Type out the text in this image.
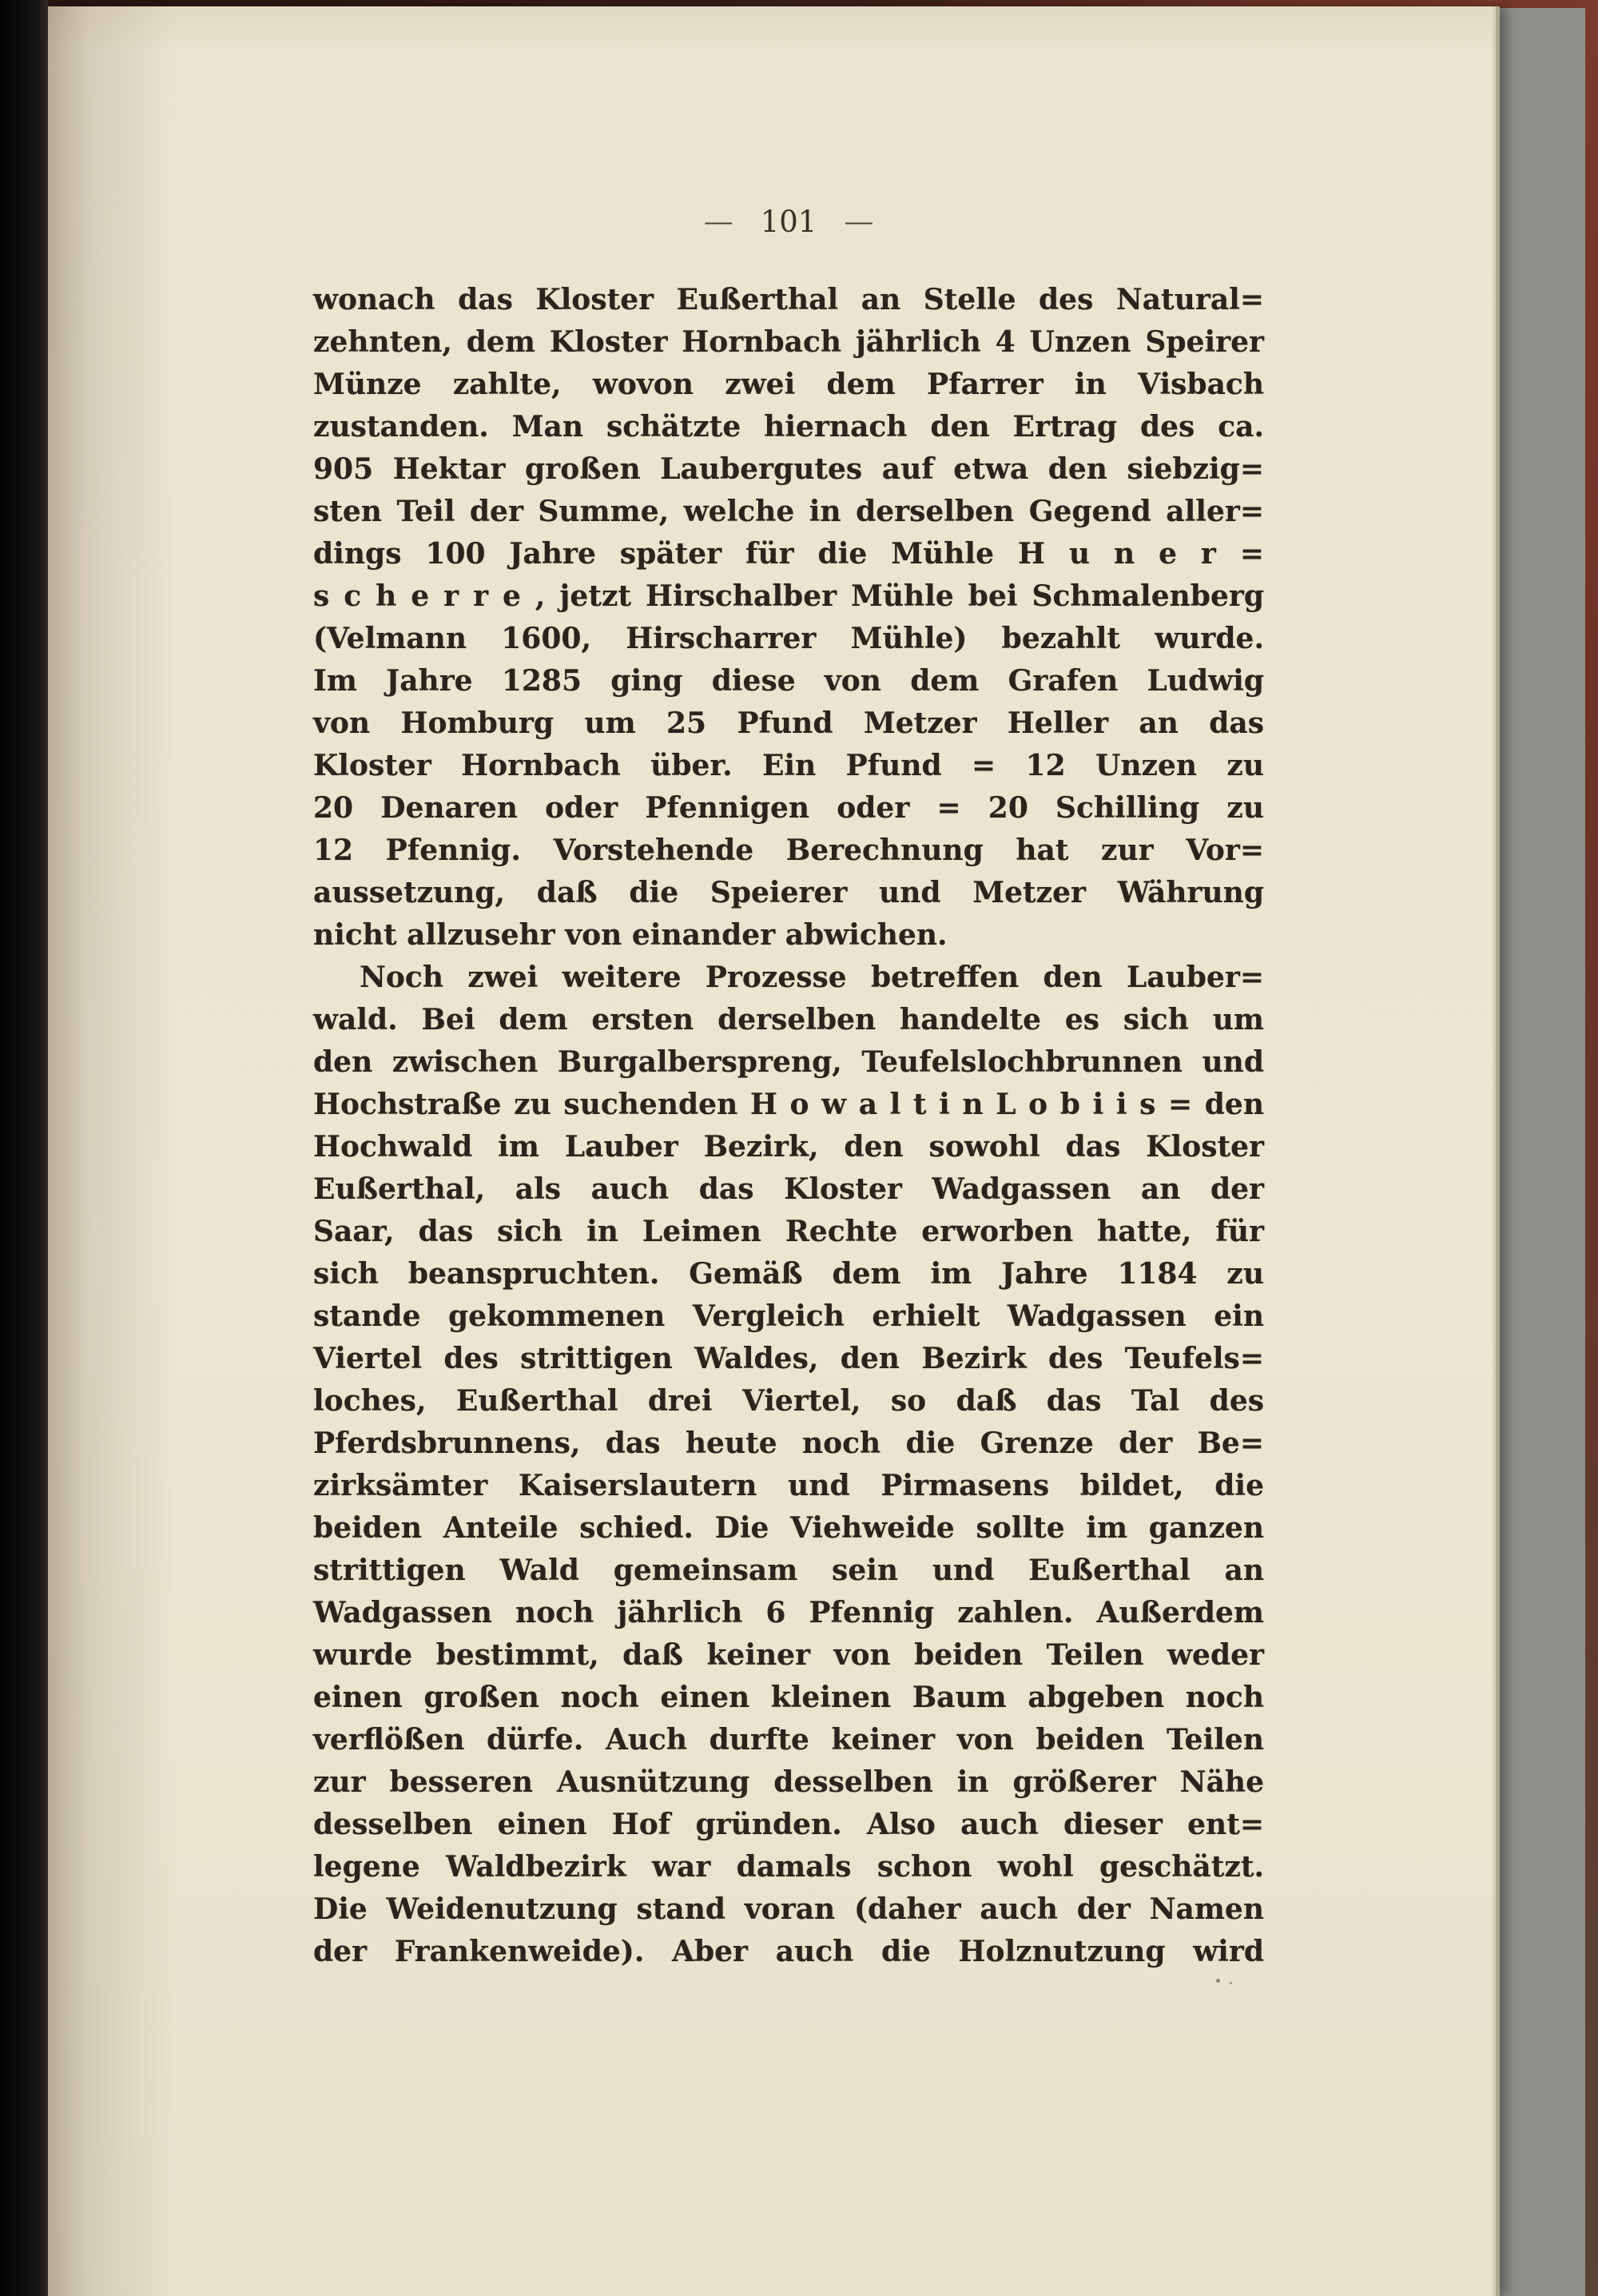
— 101 —
wonach das Kloster Eußerthal an Stelle des Natural=
zehnten, dem Kloster Hornbach jährlich 4 Unzen Speirer
Münze zahlte, wovon zwei dem Pfarrer in Visbach
zustanden. Man schätzte hiernach den Ertrag des ca.
905 Hektar großen Laubergutes auf etwa den siebzig=
sten Teil der Summe, welche in derselben Gegend aller=
dings 100 Jahre später für die Mühle H u n e r =
s c h e r r e , jetzt Hirschalber Mühle bei Schmalenberg
(Velmann 1600, Hirscharrer Mühle) bezahlt wurde.
Im Jahre 1285 ging diese von dem Grafen Ludwig
von Homburg um 25 Pfund Metzer Heller an das
Kloster Hornbach über. Ein Pfund = 12 Unzen zu
20 Denaren oder Pfennigen oder = 20 Schilling zu
12 Pfennig. Vorstehende Berechnung hat zur Vor=
aussetzung, daß die Speierer und Metzer Währung
nicht allzusehr von einander abwichen.
Noch zwei weitere Prozesse betreffen den Lauber=
wald. Bei dem ersten derselben handelte es sich um
den zwischen Burgalberspreng, Teufelslochbrunnen und
Hochstraße zu suchenden H o w a l t i n L o b i i s = den
Hochwald im Lauber Bezirk, den sowohl das Kloster
Eußerthal, als auch das Kloster Wadgassen an der
Saar, das sich in Leimen Rechte erworben hatte, für
sich beanspruchten. Gemäß dem im Jahre 1184 zu
stande gekommenen Vergleich erhielt Wadgassen ein
Viertel des strittigen Waldes, den Bezirk des Teufels=
loches, Eußerthal drei Viertel, so daß das Tal des
Pferdsbrunnens, das heute noch die Grenze der Be=
zirksämter Kaiserslautern und Pirmasens bildet, die
beiden Anteile schied. Die Viehweide sollte im ganzen
strittigen Wald gemeinsam sein und Eußerthal an
Wadgassen noch jährlich 6 Pfennig zahlen. Außerdem
wurde bestimmt, daß keiner von beiden Teilen weder
einen großen noch einen kleinen Baum abgeben noch
verflößen dürfe. Auch durfte keiner von beiden Teilen
zur besseren Ausnützung desselben in größerer Nähe
desselben einen Hof gründen. Also auch dieser ent=
legene Waldbezirk war damals schon wohl geschätzt.
Die Weidenutzung stand voran (daher auch der Namen
der Frankenweide). Aber auch die Holznutzung wird
